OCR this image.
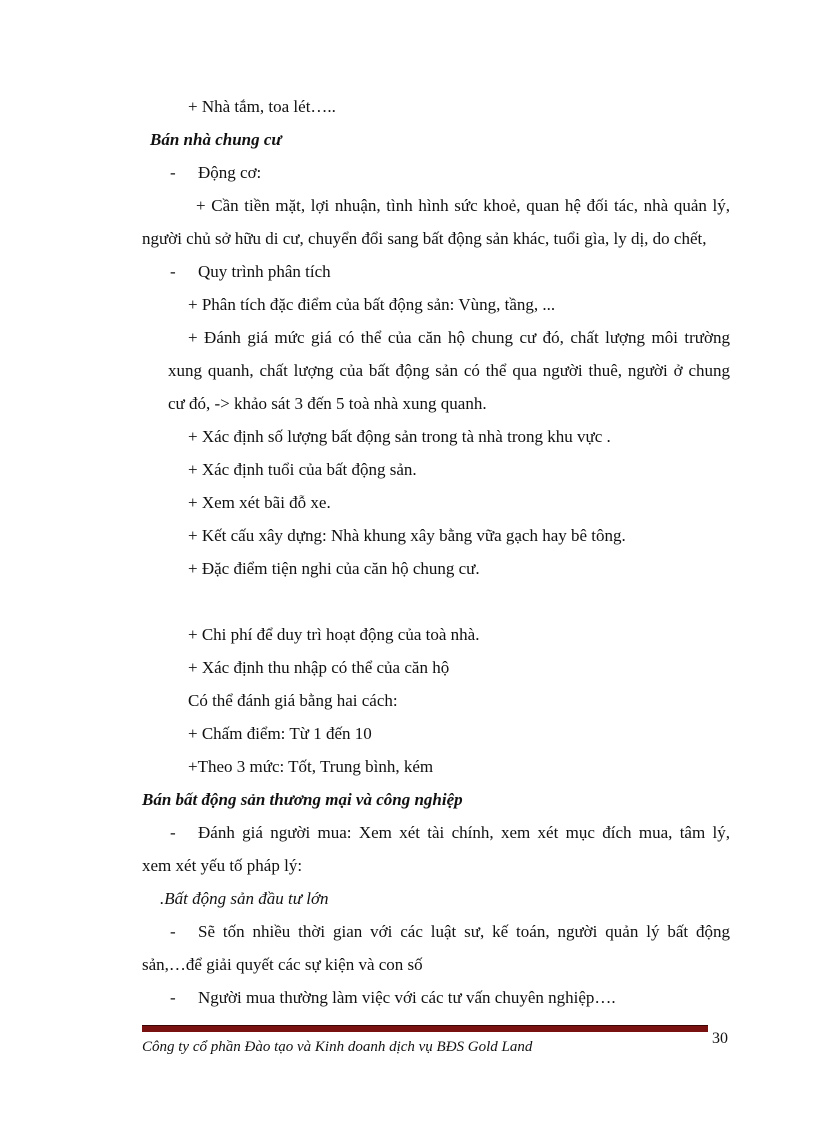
+ Nhà tắm, toa lét…..
Bán nhà chung cư
- Động cơ:
+ Cần tiền mặt, lợi nhuận, tình hình sức khoẻ, quan hệ đối tác, nhà quản lý,
người chủ sở hữu di cư, chuyển đổi sang bất động sản khác, tuổi gìa, ly dị, do chết,
- Quy trình phân tích
+ Phân tích đặc điểm của bất động sản: Vùng, tầng, ...
+ Đánh giá mức giá có thể của căn hộ chung cư đó, chất lượng môi trường
xung quanh, chất lượng của bất động sản có thể qua người thuê, người ở chung
cư đó, -> khảo sát 3 đến 5 toà nhà xung quanh.
+ Xác định số lượng bất động sản trong tà nhà trong khu vực .
+ Xác định tuổi của bất động sản.
+ Xem xét bãi đỗ xe.
+ Kết cấu xây dựng: Nhà khung xây bằng vữa gạch hay bê tông.
+ Đặc điểm tiện nghi của căn hộ chung cư.
+ Chi phí để duy trì hoạt động của toà nhà.
+ Xác định thu nhập có thể của căn hộ
Có thể đánh giá bằng hai cách:
+ Chấm điểm: Từ 1 đến 10
+Theo 3 mức: Tốt, Trung bình, kém
Bán bất động sản thương mại và công nghiệp
-	Đánh giá người mua: Xem xét tài chính, xem xét mục đích mua, tâm lý,
xem xét yếu tố pháp lý:
.Bất động sản đầu tư lớn
-	Sẽ tốn nhiều thời gian với các luật sư, kế toán, người quản lý bất động
sản,…để giải quyết các sự kiện và con số
- Người mua thường làm việc với các tư vấn chuyên nghiệp….
30
Công ty cổ phần Đào tạo và Kinh doanh dịch vụ BĐS Gold Land
